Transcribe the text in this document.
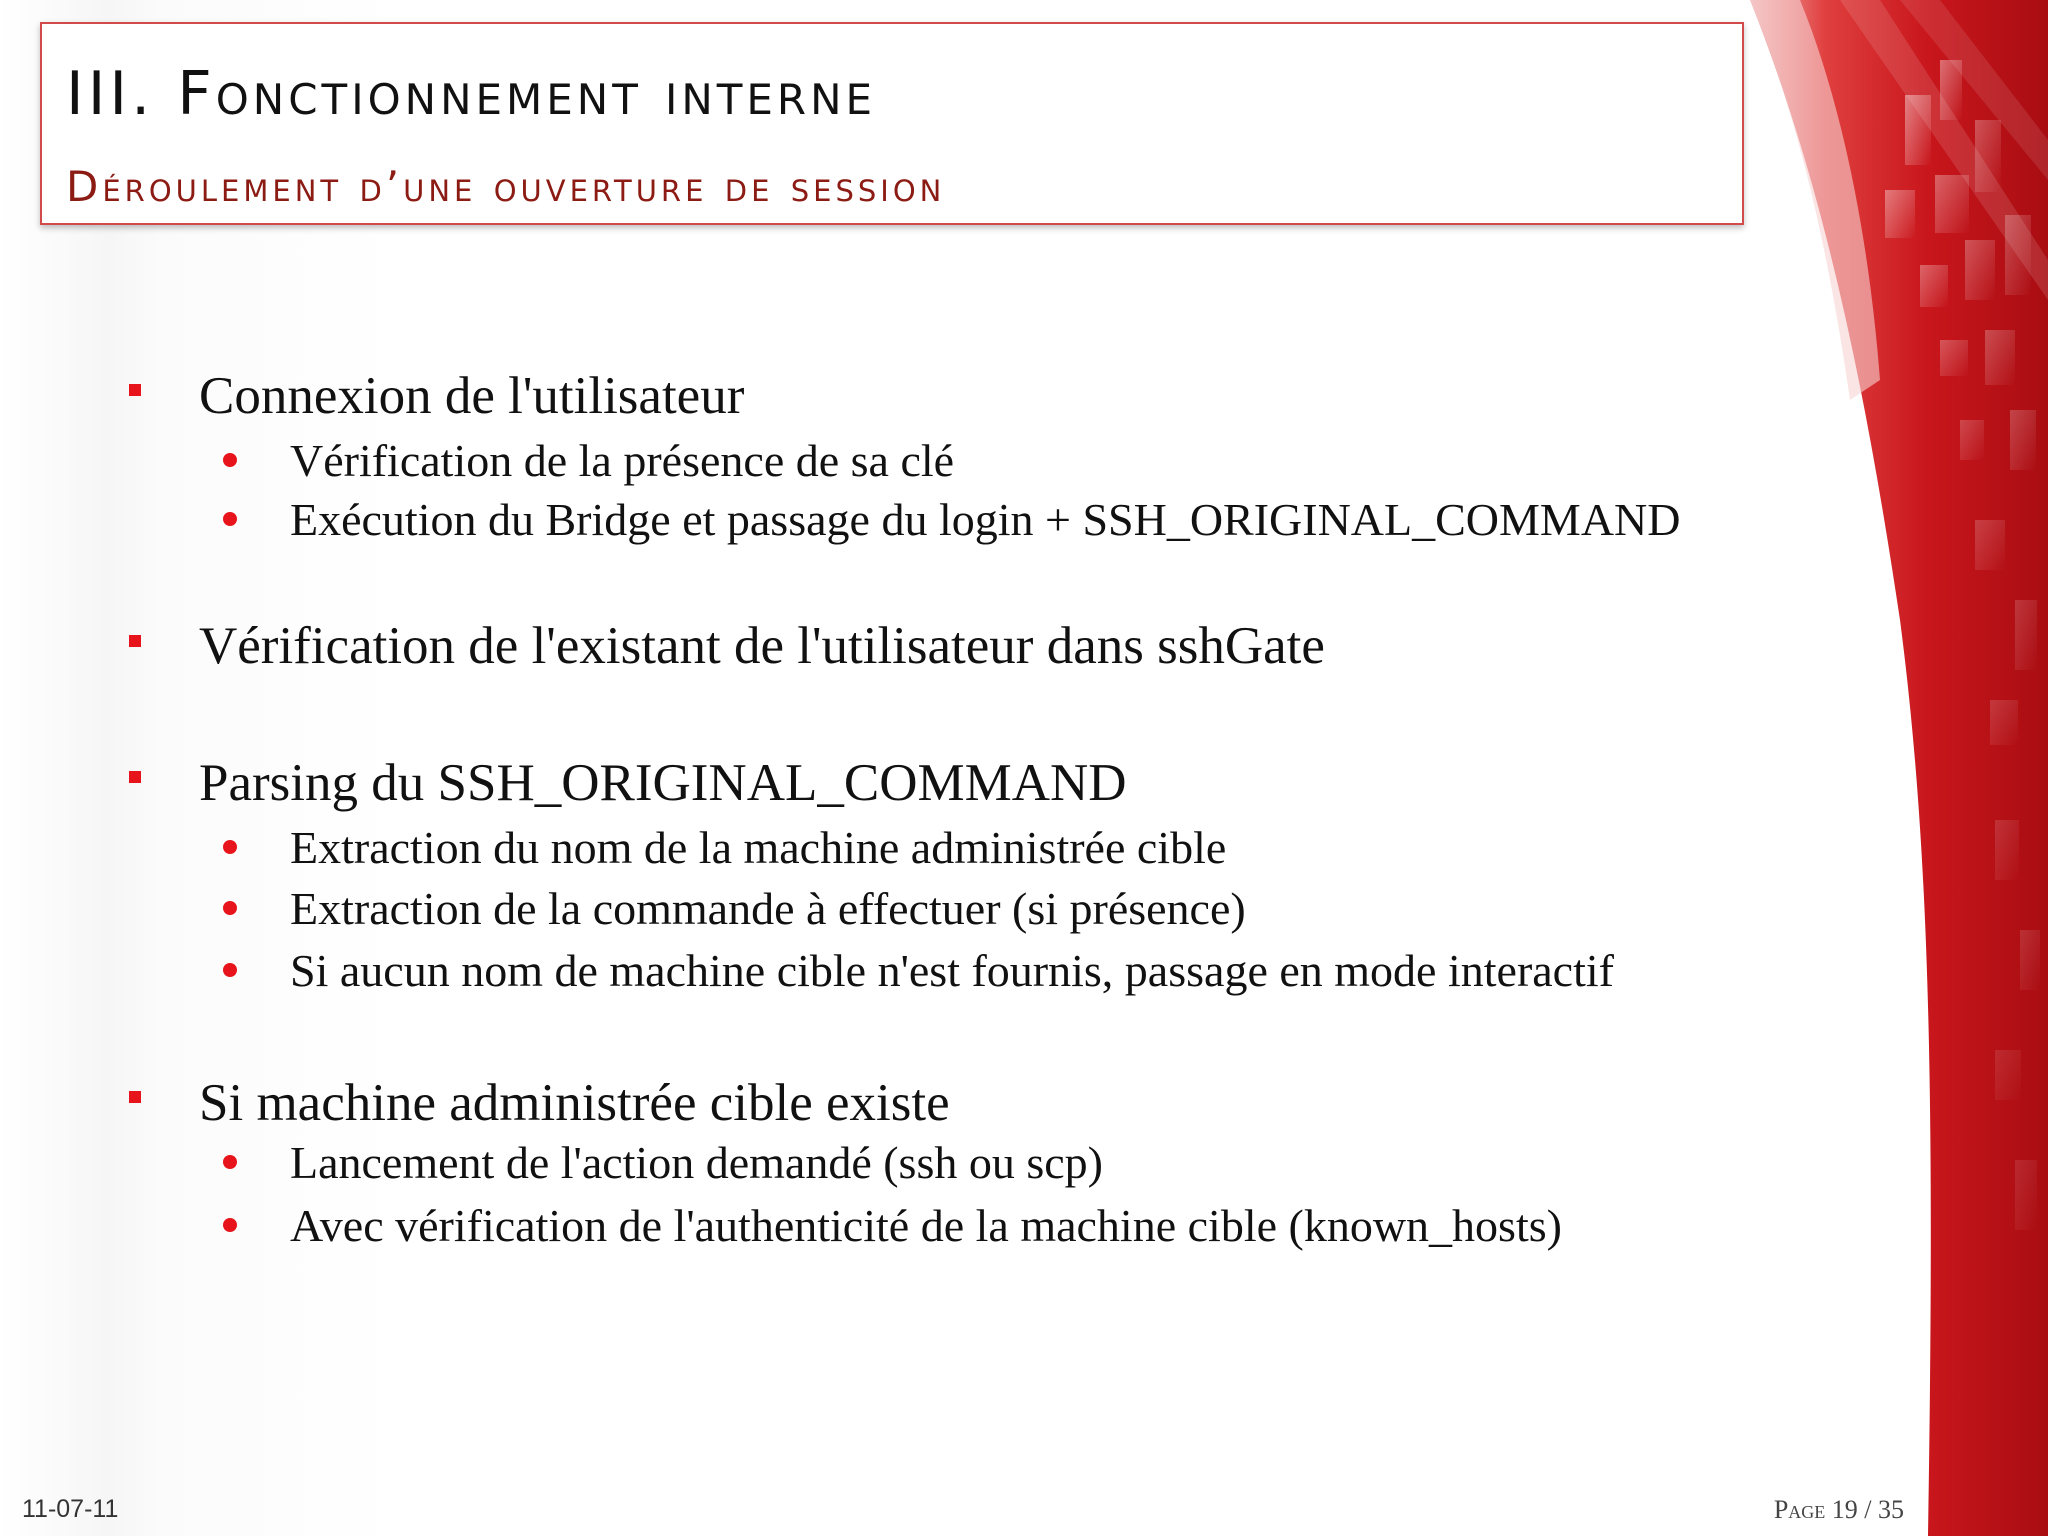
III. Fonctionnement interne
Déroulement d’une ouverture de session
Connexion de l'utilisateur
Vérification de la présence de sa clé
Exécution du Bridge et passage du login + SSH_ORIGINAL_COMMAND
Vérification de l'existant de l'utilisateur dans sshGate
Parsing du SSH_ORIGINAL_COMMAND
Extraction du nom de la machine administrée cible
Extraction de la commande à effectuer (si présence)
Si aucun nom de machine cible n'est fournis, passage en mode interactif
Si machine administrée cible existe
Lancement de l'action demandé (ssh ou scp)
Avec vérification de l'authenticité de la machine cible (known_hosts)
11-07-11	Page 19 / 35
